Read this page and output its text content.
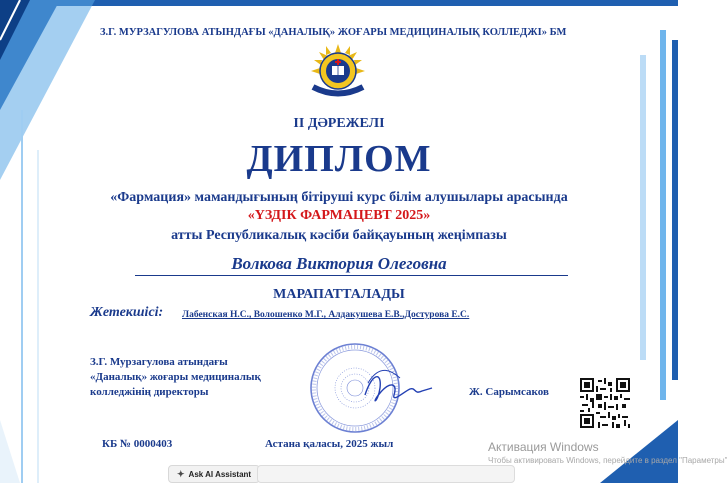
З.Г. МУРЗАГУЛОВА АТЫНДАҒЫ «ДАНАЛЫҚ» ЖОҒАРЫ МЕДИЦИНАЛЫҚ КОЛЛЕДЖІ» БМ
ІІ ДӘРЕЖЕЛІ
ДИПЛОМ
«Фармация» мамандығының бітіруші курс білім алушылары арасында
«ҮЗДІК ФАРМАЦЕВТ 2025»
атты Республикалық кәсіби байқауының жеңімпазы
Волкова Виктория Олеговна
МАРАПАТТАЛАДЫ
Жетекшісі: Лабенская Н.С., Волошенко М.Г., Алдакушева Е.В.,Достурова Е.С.
З.Г. Мурзагулова атындағы «Даналық» жоғары медициналық колледжінің директоры	Ж. Сарымсаков
КБ № 0000403	Астана қаласы, 2025 жыл	Активация Windows
Чтобы активировать Windows, перейдите в раздел "Параметры"
✦ Ask AI Assistant
